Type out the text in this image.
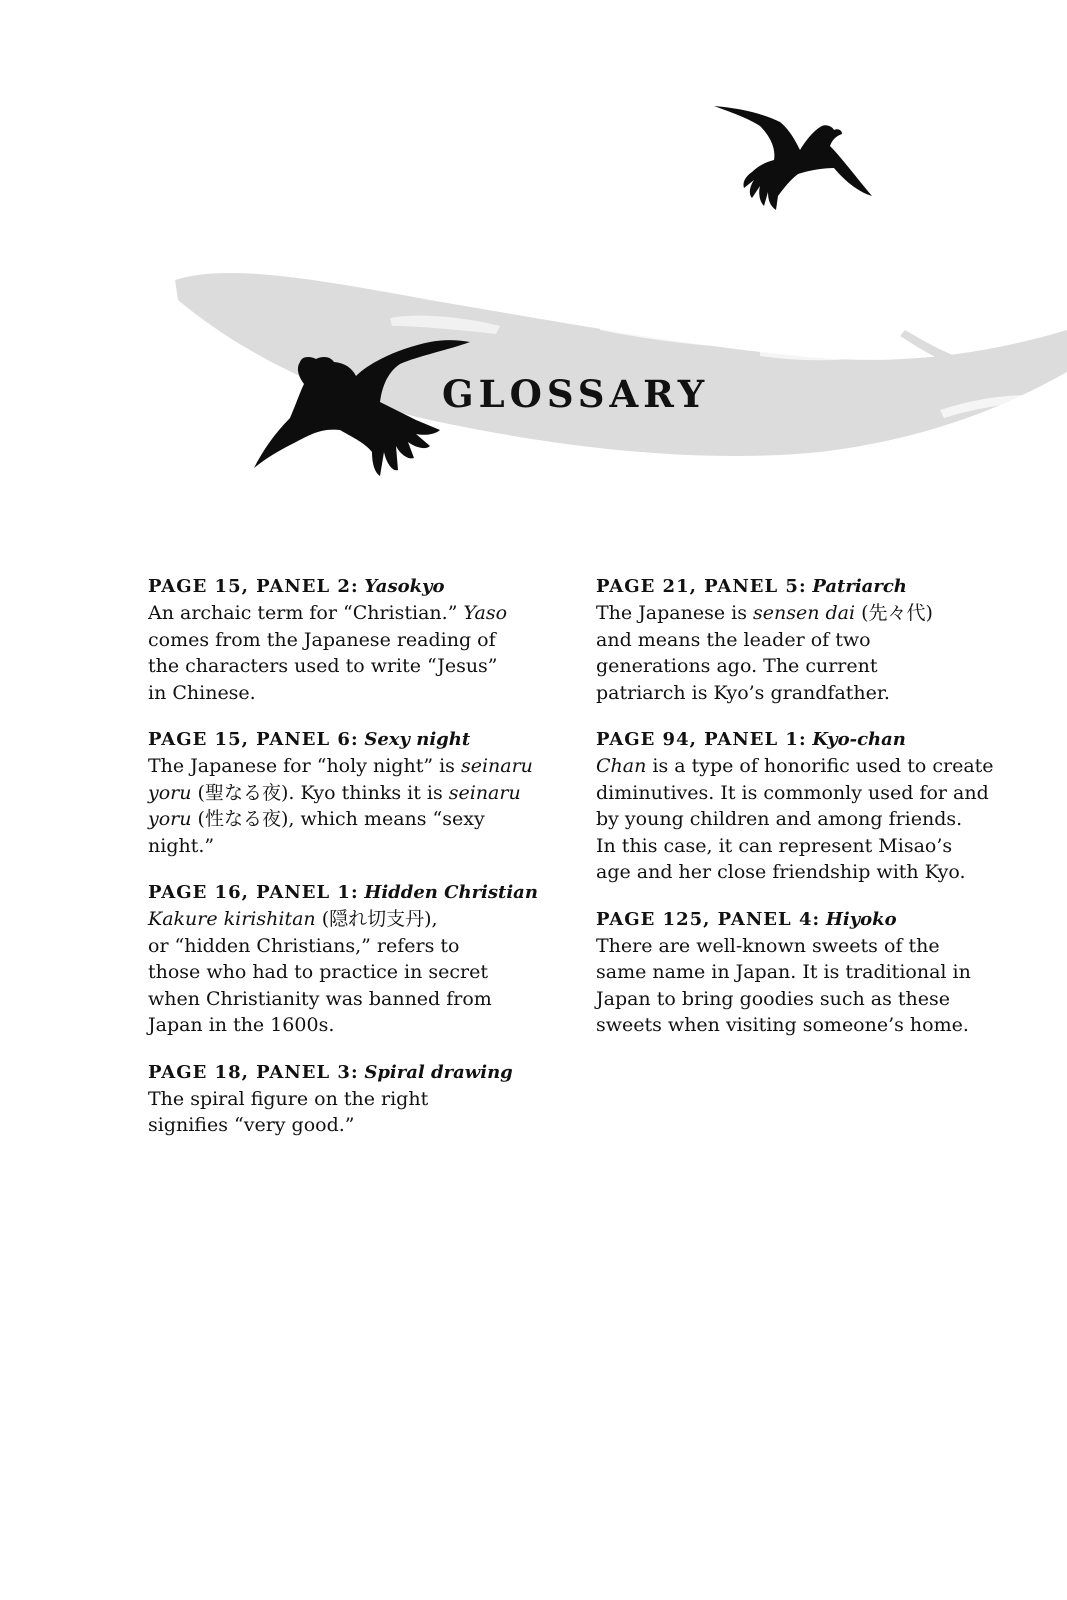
GLOSSARY
PAGE 15, PANEL 2: Yasokyo
An archaic term for “Christian.” Yaso
comes from the Japanese reading of
the characters used to write “Jesus”
in Chinese.
PAGE 15, PANEL 6: Sexy night
The Japanese for “holy night” is seinaru
yoru (聖なる夜). Kyo thinks it is seinaru
yoru (性なる夜), which means “sexy
night.”
PAGE 16, PANEL 1: Hidden Christian
Kakure kirishitan (隠れ切支丹),
or “hidden Christians,” refers to
those who had to practice in secret
when Christianity was banned from
Japan in the 1600s.
PAGE 18, PANEL 3: Spiral drawing
The spiral figure on the right
signifies “very good.”
PAGE 21, PANEL 5: Patriarch
The Japanese is sensen dai (先々代)
and means the leader of two
generations ago. The current
patriarch is Kyo’s grandfather.
PAGE 94, PANEL 1: Kyo-chan
Chan is a type of honorific used to create
diminutives. It is commonly used for and
by young children and among friends.
In this case, it can represent Misao’s
age and her close friendship with Kyo.
PAGE 125, PANEL 4: Hiyoko
There are well-known sweets of the
same name in Japan. It is traditional in
Japan to bring goodies such as these
sweets when visiting someone’s home.
